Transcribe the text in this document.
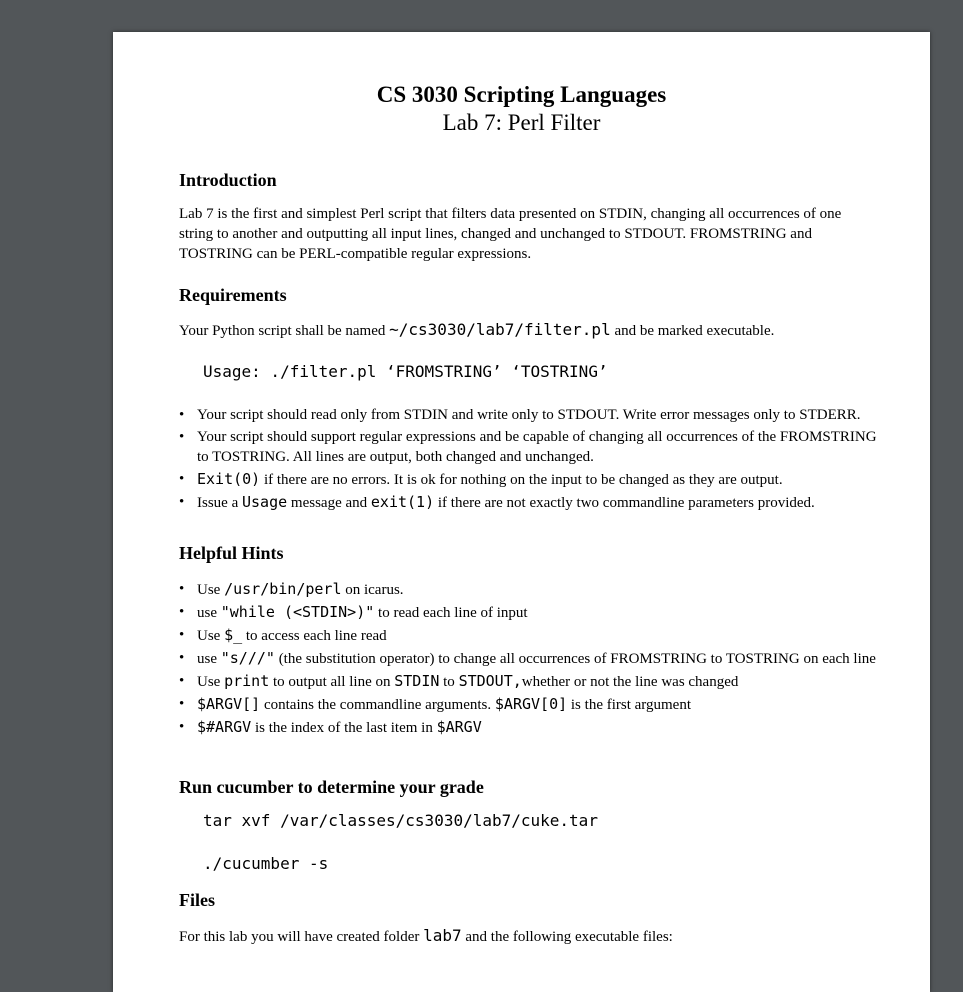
CS 3030 Scripting Languages
Lab 7: Perl Filter
Introduction
Lab 7 is the first and simplest Perl script that filters data presented on STDIN, changing all occurrences of one string to another and outputting all input lines, changed and unchanged to STDOUT. FROMSTRING and TOSTRING can be PERL-compatible regular expressions.
Requirements
Your Python script shall be named ~/cs3030/lab7/filter.pl and be marked executable.
Usage: ./filter.pl ‘FROMSTRING’ ‘TOSTRING’
• Your script should read only from STDIN and write only to STDOUT. Write error messages only to STDERR.
• Your script should support regular expressions and be capable of changing all occurrences of the FROMSTRING to TOSTRING. All lines are output, both changed and unchanged.
• Exit(0) if there are no errors. It is ok for nothing on the input to be changed as they are output.
• Issue a Usage message and exit(1) if there are not exactly two commandline parameters provided.
Helpful Hints
• Use /usr/bin/perl on icarus.
• use "while (<STDIN>)" to read each line of input
• Use $_ to access each line read
• use "s///" (the substitution operator) to change all occurrences of FROMSTRING to TOSTRING on each line
• Use print to output all line on STDIN to STDOUT,whether or not the line was changed
• $ARGV[] contains the commandline arguments. $ARGV[0] is the first argument
• $#ARGV is the index of the last item in $ARGV
Run cucumber to determine your grade
tar xvf /var/classes/cs3030/lab7/cuke.tar
./cucumber -s
Files
For this lab you will have created folder lab7 and the following executable files:
